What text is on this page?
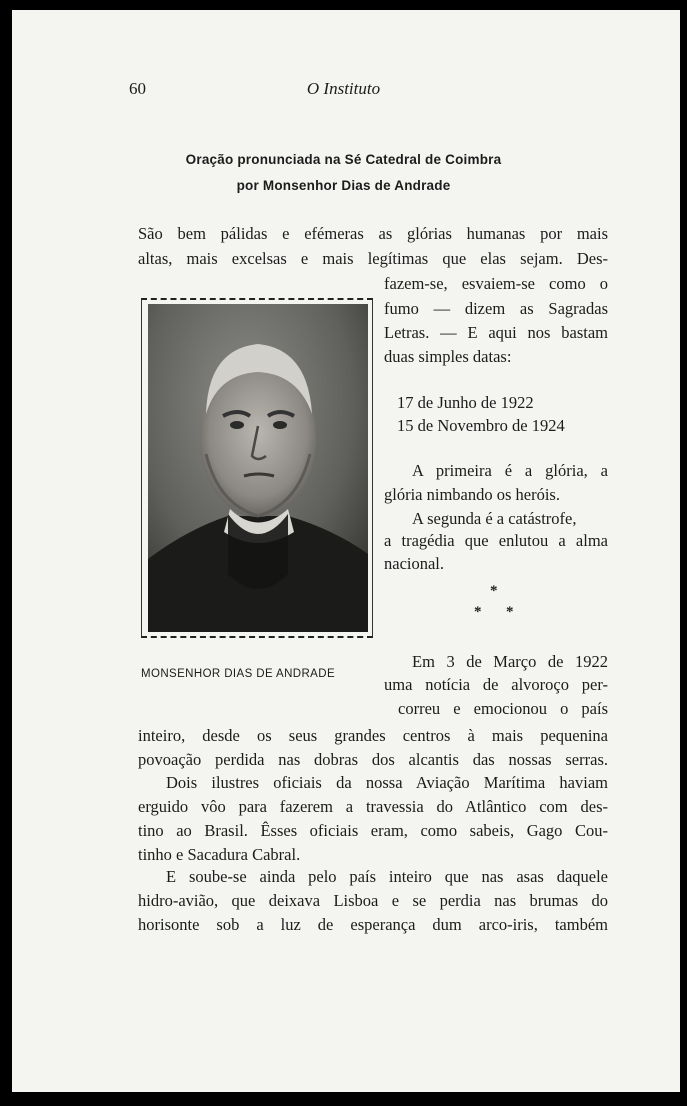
60	O Instituto
Oração pronunciada na Sé Catedral de Coimbra
por Monsenhor Dias de Andrade
São bem pálidas e efémeras as glórias humanas por mais
altas, mais excelsas e mais legítimas que elas sejam. Des-
fazem-se, esvaiem-se como o
fumo — dizem as Sagradas
Letras. — E aqui nos bastam
duas simples datas:
17 de Junho de 1922
15 de Novembro de 1924
A primeira é a glória, a
glória nimbando os heróis.
A segunda é a catástrofe,
a tragédia que enlutou a alma
nacional.
*
* *
MONSENHOR DIAS DE ANDRADE
Em 3 de Março de 1922
uma notícia de alvoroço per-
correu e emocionou o país
inteiro, desde os seus grandes centros à mais pequenina
povoação perdida nas dobras dos alcantis das nossas serras.
Dois ilustres oficiais da nossa Aviação Marítima haviam
erguido vôo para fazerem a travessia do Atlântico com des-
tino ao Brasil. Êsses oficiais eram, como sabeis, Gago Cou-
tinho e Sacadura Cabral.
E soube-se ainda pelo país inteiro que nas asas daquele
hidro-avião, que deixava Lisboa e se perdia nas brumas do
horisonte sob a luz de esperança dum arco-iris, também
